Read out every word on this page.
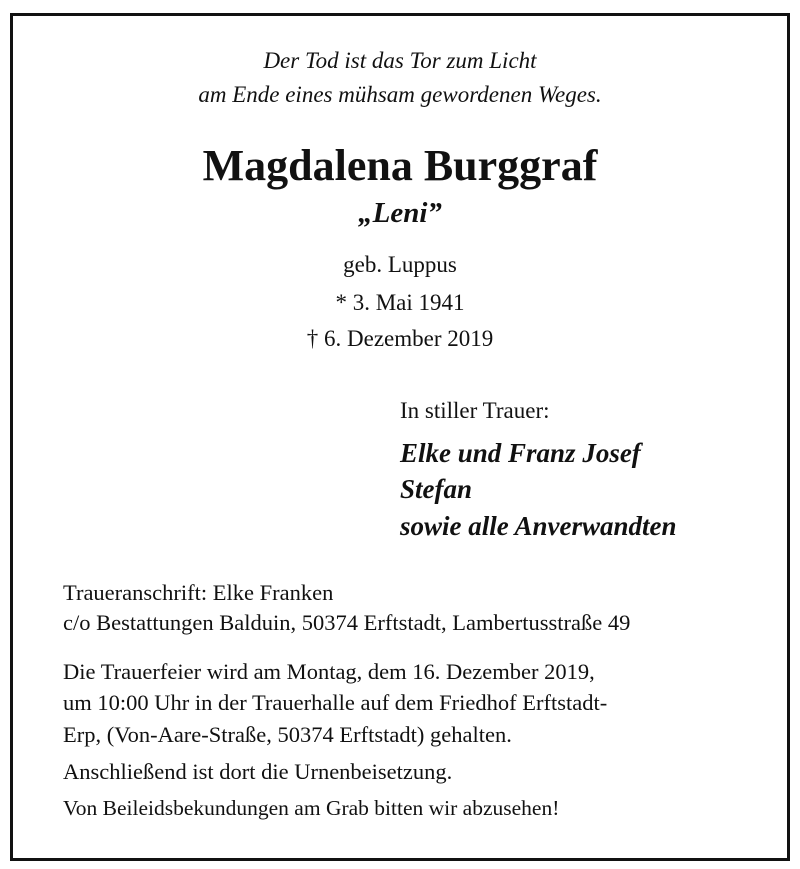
Der Tod ist das Tor zum Licht
am Ende eines mühsam gewordenen Weges.
Magdalena Burggraf
„Leni”
geb. Luppus
* 3. Mai 1941
† 6. Dezember 2019
In stiller Trauer:
Elke und Franz Josef
Stefan
sowie alle Anverwandten
Traueranschrift: Elke Franken
c/o Bestattungen Balduin, 50374 Erftstadt, Lambertusstraße 49
Die Trauerfeier wird am Montag, dem 16. Dezember 2019,
um 10:00 Uhr in der Trauerhalle auf dem Friedhof Erftstadt-
Erp, (Von-Aare-Straße, 50374 Erftstadt) gehalten.
Anschließend ist dort die Urnenbeisetzung.
Von Beileidsbekundungen am Grab bitten wir abzusehen!
